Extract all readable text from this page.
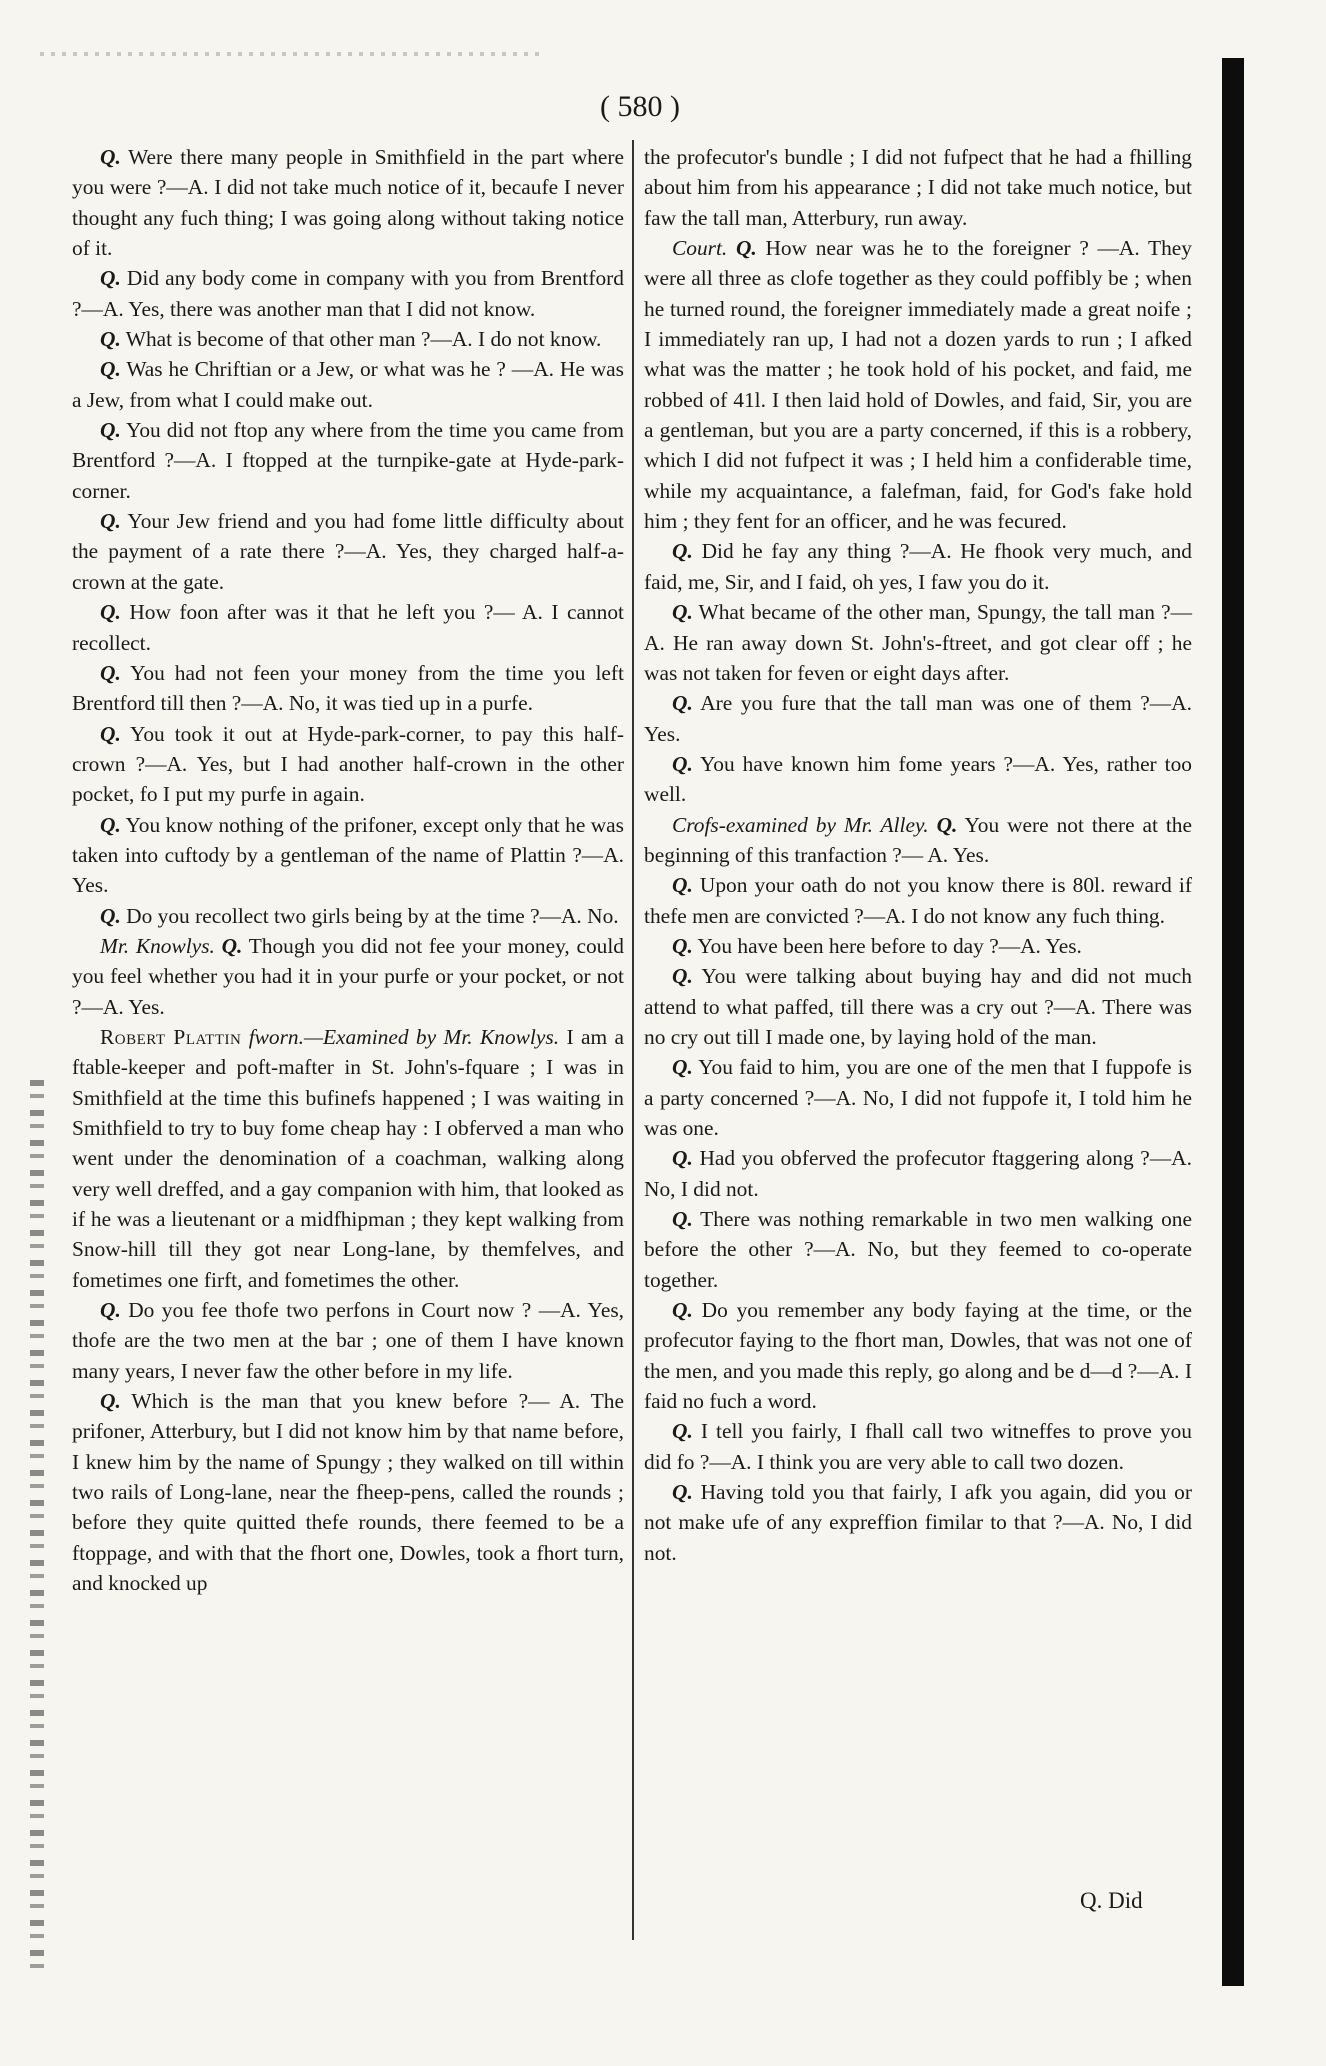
( 580 )

Q. Were there many people in Smithfield in the part where you were ?—A. I did not take much notice of it, becaufe I never thought any fuch thing; I was going along without taking notice of it.

Q. Did any body come in company with you from Brentford ?—A. Yes, there was another man that I did not know.

Q. What is become of that other man ?—A. I do not know.

Q. Was he Chriftian or a Jew, or what was he ? —A. He was a Jew, from what I could make out.

Q. You did not ftop any where from the time you came from Brentford ?—A. I ftopped at the turnpike-gate at Hyde-park-corner.

Q. Your Jew friend and you had fome little difficulty about the payment of a rate there ?—A. Yes, they charged half-a-crown at the gate.

Q. How foon after was it that he left you ?— A. I cannot recollect.

Q. You had not feen your money from the time you left Brentford till then ?—A. No, it was tied up in a purfe.

Q. You took it out at Hyde-park-corner, to pay this half-crown ?—A. Yes, but I had another half-crown in the other pocket, fo I put my purfe in again.

Q. You know nothing of the prifoner, except only that he was taken into cuftody by a gentleman of the name of Plattin ?—A. Yes.

Q. Do you recollect two girls being by at the time ?—A. No.

Mr. Knowlys. Q. Though you did not fee your money, could you feel whether you had it in your purfe or your pocket, or not ?—A. Yes.

Robert Plattin fworn.—Examined by Mr. Knowlys. I am a ftable-keeper and poft-mafter in St. John's-fquare ; I was in Smithfield at the time this bufinefs happened ; I was waiting in Smithfield to try to buy fome cheap hay : I obferved a man who went under the denomination of a coachman, walking along very well dreffed, and a gay companion with him, that looked as if he was a lieutenant or a midfhipman ; they kept walking from Snow-hill till they got near Long-lane, by themfelves, and fometimes one firft, and fometimes the other.

Q. Do you fee thofe two perfons in Court now ? —A. Yes, thofe are the two men at the bar ; one of them I have known many years, I never faw the other before in my life.

Q. Which is the man that you knew before ?— A. The prifoner, Atterbury, but I did not know him by that name before, I knew him by the name of Spungy ; they walked on till within two rails of Long-lane, near the fheep-pens, called the rounds ; before they quite quitted thefe rounds, there feemed to be a ftoppage, and with that the fhort one, Dowles, took a fhort turn, and knocked up

the profecutor's bundle ; I did not fufpect that he had a fhilling about him from his appearance ; I did not take much notice, but faw the tall man, Atterbury, run away.

Court. Q. How near was he to the foreigner ? —A. They were all three as clofe together as they could poffibly be ; when he turned round, the foreigner immediately made a great noife ; I immediately ran up, I had not a dozen yards to run ; I afked what was the matter ; he took hold of his pocket, and faid, me robbed of 41l. I then laid hold of Dowles, and faid, Sir, you are a gentleman, but you are a party concerned, if this is a robbery, which I did not fufpect it was ; I held him a confiderable time, while my acquaintance, a falefman, faid, for God's fake hold him ; they fent for an officer, and he was fecured.

Q. Did he fay any thing ?—A. He fhook very much, and faid, me, Sir, and I faid, oh yes, I faw you do it.

Q. What became of the other man, Spungy, the tall man ?—A. He ran away down St. John's-ftreet, and got clear off ; he was not taken for feven or eight days after.

Q. Are you fure that the tall man was one of them ?—A. Yes.

Q. You have known him fome years ?—A. Yes, rather too well.

Crofs-examined by Mr. Alley. Q. You were not there at the beginning of this tranfaction ?— A. Yes.

Q. Upon your oath do not you know there is 80l. reward if thefe men are convicted ?—A. I do not know any fuch thing.

Q. You have been here before to day ?—A. Yes.

Q. You were talking about buying hay and did not much attend to what paffed, till there was a cry out ?—A. There was no cry out till I made one, by laying hold of the man.

Q. You faid to him, you are one of the men that I fuppofe is a party concerned ?—A. No, I did not fuppofe it, I told him he was one.

Q. Had you obferved the profecutor ftaggering along ?—A. No, I did not.

Q. There was nothing remarkable in two men walking one before the other ?—A. No, but they feemed to co-operate together.

Q. Do you remember any body faying at the time, or the profecutor faying to the fhort man, Dowles, that was not one of the men, and you made this reply, go along and be d—d ?—A. I faid no fuch a word.

Q. I tell you fairly, I fhall call two witneffes to prove you did fo ?—A. I think you are very able to call two dozen.

Q. Having told you that fairly, I afk you again, did you or not make ufe of any expreffion fimilar to that ?—A. No, I did not.

Q. Did
